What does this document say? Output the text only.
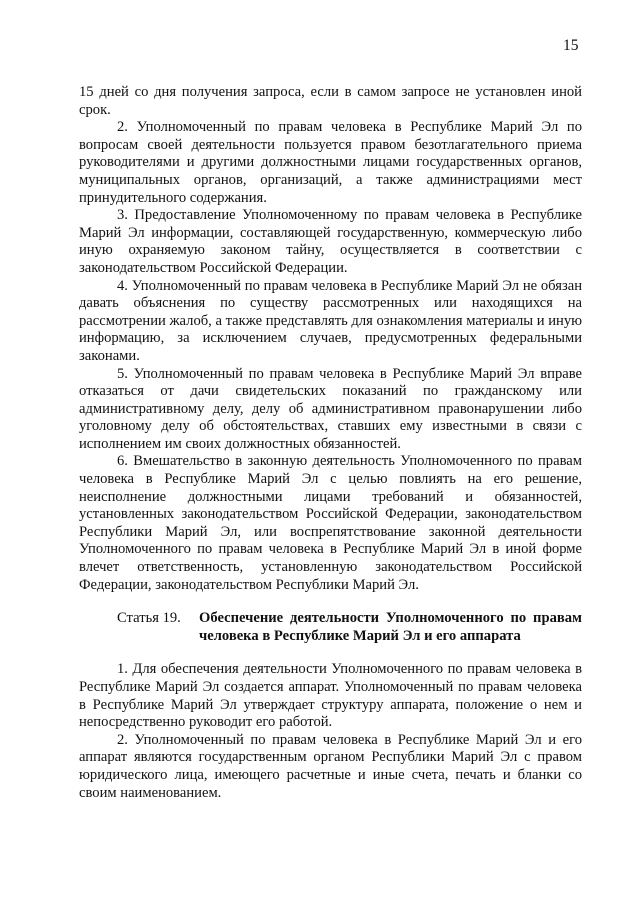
15

15 дней со дня получения запроса, если в самом запросе не установлен иной срок.

2. Уполномоченный по правам человека в Республике Марий Эл по вопросам своей деятельности пользуется правом безотлагательного приема руководителями и другими должностными лицами государственных органов, муниципальных органов, организаций, а также администрациями мест принудительного содержания.

3. Предоставление Уполномоченному по правам человека в Республике Марий Эл информации, составляющей государственную, коммерческую либо иную охраняемую законом тайну, осуществляется в соответствии с законодательством Российской Федерации.

4. Уполномоченный по правам человека в Республике Марий Эл не обязан давать объяснения по существу рассмотренных или находящихся на рассмотрении жалоб, а также представлять для ознакомления материалы и иную информацию, за исключением случаев, предусмотренных федеральными законами.

5. Уполномоченный по правам человека в Республике Марий Эл вправе отказаться от дачи свидетельских показаний по гражданскому или административному делу, делу об административном правонарушении либо уголовному делу об обстоятельствах, ставших ему известными в связи с исполнением им своих должностных обязанностей.

6. Вмешательство в законную деятельность Уполномоченного по правам человека в Республике Марий Эл с целью повлиять на его решение, неисполнение должностными лицами требований и обязанностей, установленных законодательством Российской Федерации, законодательством Республики Марий Эл, или воспрепятствование законной деятельности Уполномоченного по правам человека в Республике Марий Эл в иной форме влечет ответственность, установленную законодательством Российской Федерации, законодательством Республики Марий Эл.

Статья 19.	Обеспечение деятельности Уполномоченного по правам человека в Республике Марий Эл и его аппарата

1. Для обеспечения деятельности Уполномоченного по правам человека в Республике Марий Эл создается аппарат. Уполномоченный по правам человека в Республике Марий Эл утверждает структуру аппарата, положение о нем и непосредственно руководит его работой.

2. Уполномоченный по правам человека в Республике Марий Эл и его аппарат являются государственным органом Республики Марий Эл с правом юридического лица, имеющего расчетные и иные счета, печать и бланки со своим наименованием.
